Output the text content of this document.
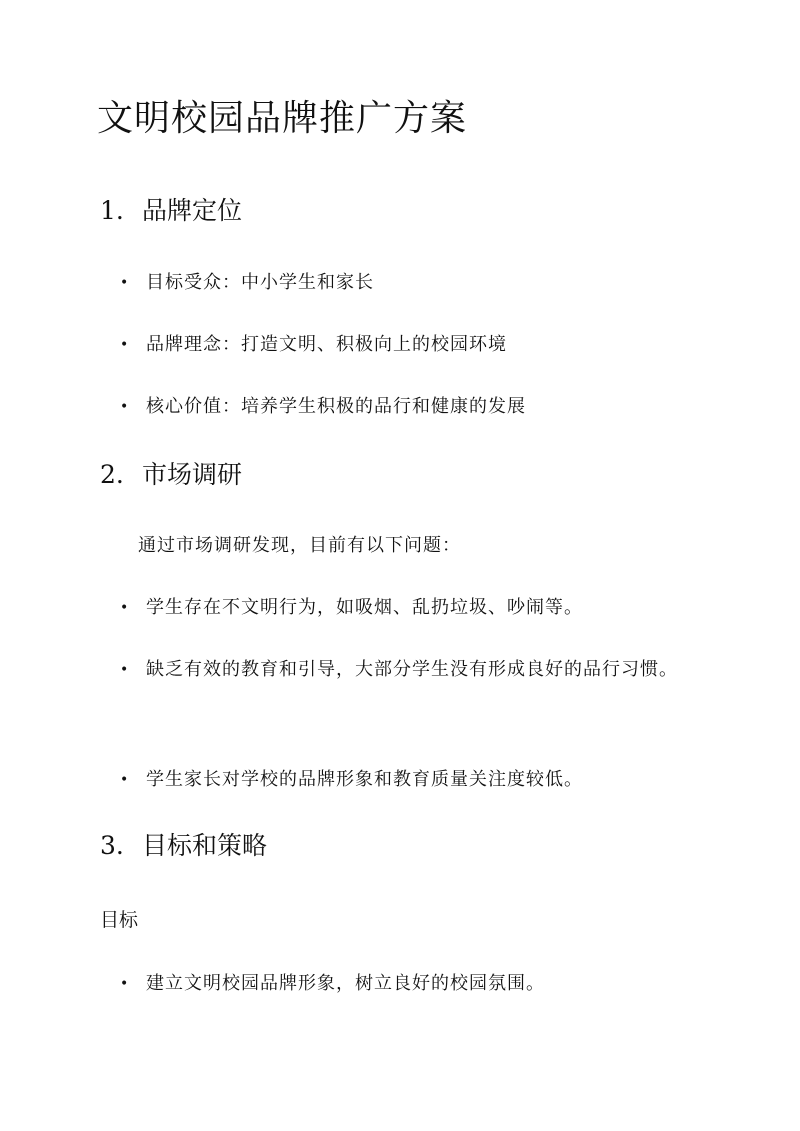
文明校园品牌推广方案
1. 品牌定位
• 目标受众：中小学生和家长
• 品牌理念：打造文明、积极向上的校园环境
• 核心价值：培养学生积极的品行和健康的发展
2. 市场调研
通过市场调研发现，目前有以下问题：
• 学生存在不文明行为，如吸烟、乱扔垃圾、吵闹等。
• 缺乏有效的教育和引导，大部分学生没有形成良好的品行习惯。
• 学生家长对学校的品牌形象和教育质量关注度较低。
3. 目标和策略
目标
• 建立文明校园品牌形象，树立良好的校园氛围。
